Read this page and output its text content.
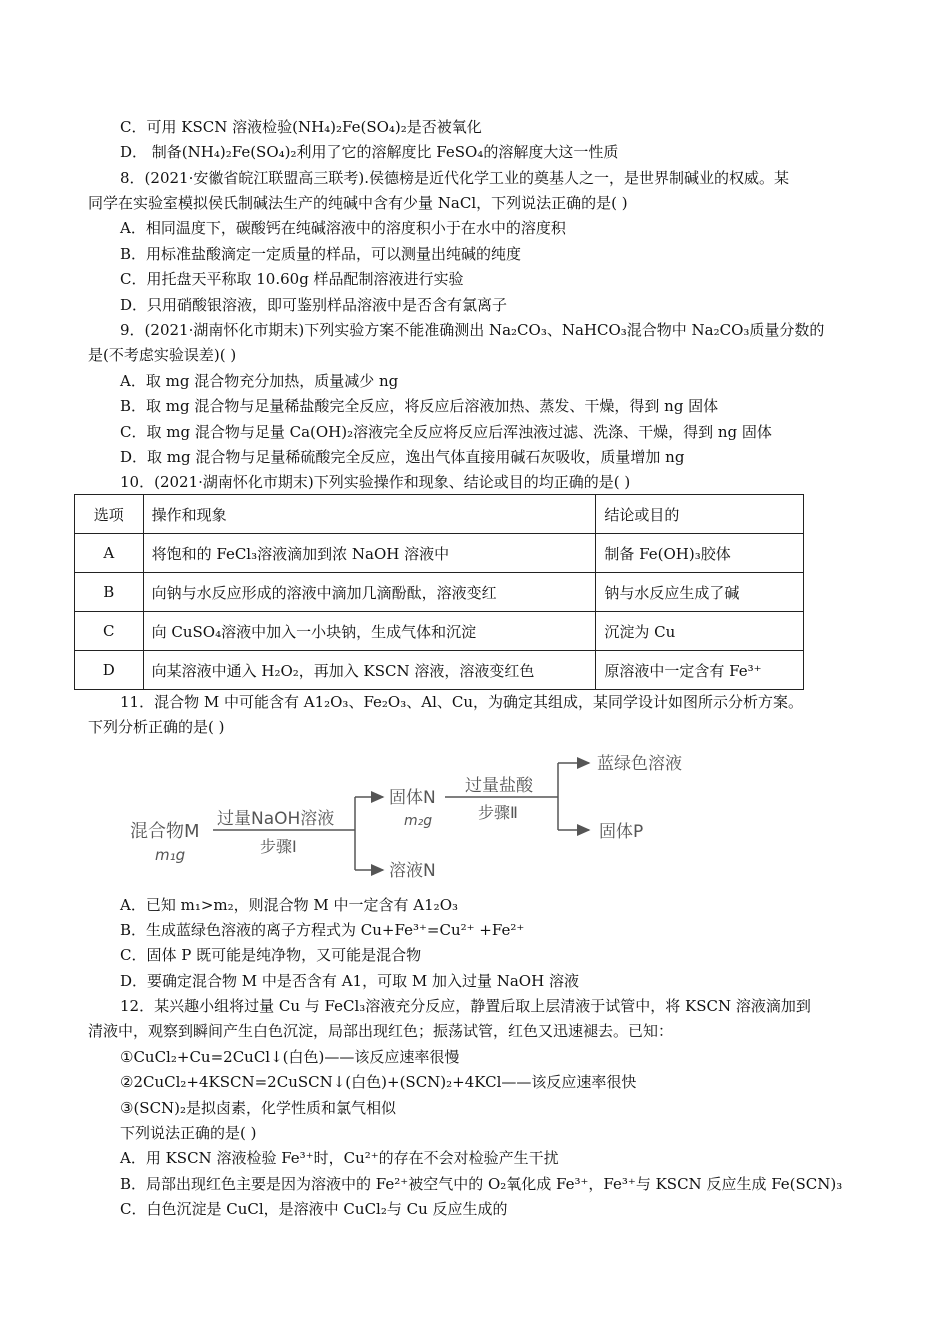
C．可用 KSCN 溶液检验(NH₄)₂Fe(SO₄)₂是否被氧化
D． 制备(NH₄)₂Fe(SO₄)₂利用了它的溶解度比 FeSO₄的溶解度大这一性质
8．(2021·安徽省皖江联盟高三联考).侯德榜是近代化学工业的奠基人之一，是世界制碱业的权威。某
同学在实验室模拟侯氏制碱法生产的纯碱中含有少量 NaCl，下列说法正确的是( )
A．相同温度下，碳酸钙在纯碱溶液中的溶度积小于在水中的溶度积
B．用标准盐酸滴定一定质量的样品，可以测量出纯碱的纯度
C．用托盘天平称取 10.60g 样品配制溶液进行实验
D．只用硝酸银溶液，即可鉴别样品溶液中是否含有氯离子
9．(2021·湖南怀化市期末)下列实验方案不能准确测出 Na₂CO₃、NaHCO₃混合物中 Na₂CO₃质量分数的
是(不考虑实验误差)( )
A．取 mg 混合物充分加热，质量减少 ng
B．取 mg 混合物与足量稀盐酸完全反应，将反应后溶液加热、蒸发、干燥，得到 ng 固体
C．取 mg 混合物与足量 Ca(OH)₂溶液完全反应将反应后浑浊液过滤、洗涤、干燥，得到 ng 固体
D．取 mg 混合物与足量稀硫酸完全反应，逸出气体直接用碱石灰吸收，质量增加 ng
10．(2021·湖南怀化市期末)下列实验操作和现象、结论或目的均正确的是( )
选项	操作和现象	结论或目的
A	将饱和的 FeCl₃溶液滴加到浓 NaOH 溶液中	制备 Fe(OH)₃胶体
B	向钠与水反应形成的溶液中滴加几滴酚酞，溶液变红	钠与水反应生成了碱
C	向 CuSO₄溶液中加入一小块钠，生成气体和沉淀	沉淀为 Cu
D	向某溶液中通入 H₂O₂，再加入 KSCN 溶液，溶液变红色	原溶液中一定含有 Fe³⁺
11．混合物 M 中可能含有 A1₂O₃、Fe₂O₃、Al、Cu，为确定其组成，某同学设计如图所示分析方案。
下列分析正确的是( )
混合物M
m₁g
过量NaOH溶液
步骤I
固体N
m₂g
溶液N
过量盐酸
步骤Ⅱ
蓝绿色溶液
固体P
A．已知 m₁>m₂，则混合物 M 中一定含有 A1₂O₃
B．生成蓝绿色溶液的离子方程式为 Cu+Fe³⁺=Cu²⁺ +Fe²⁺
C．固体 P 既可能是纯净物，又可能是混合物
D．要确定混合物 M 中是否含有 A1，可取 M 加入过量 NaOH 溶液
12．某兴趣小组将过量 Cu 与 FeCl₃溶液充分反应，静置后取上层清液于试管中，将 KSCN 溶液滴加到
清液中，观察到瞬间产生白色沉淀，局部出现红色；振荡试管，红色又迅速褪去。已知：
①CuCl₂+Cu=2CuCl↓(白色)——该反应速率很慢
②2CuCl₂+4KSCN=2CuSCN↓(白色)+(SCN)₂+4KCl——该反应速率很快
③(SCN)₂是拟卤素，化学性质和氯气相似
下列说法正确的是( )
A．用 KSCN 溶液检验 Fe³⁺时，Cu²⁺的存在不会对检验产生干扰
B．局部出现红色主要是因为溶液中的 Fe²⁺被空气中的 O₂氧化成 Fe³⁺，Fe³⁺与 KSCN 反应生成 Fe(SCN)₃
C．白色沉淀是 CuCl，是溶液中 CuCl₂与 Cu 反应生成的
